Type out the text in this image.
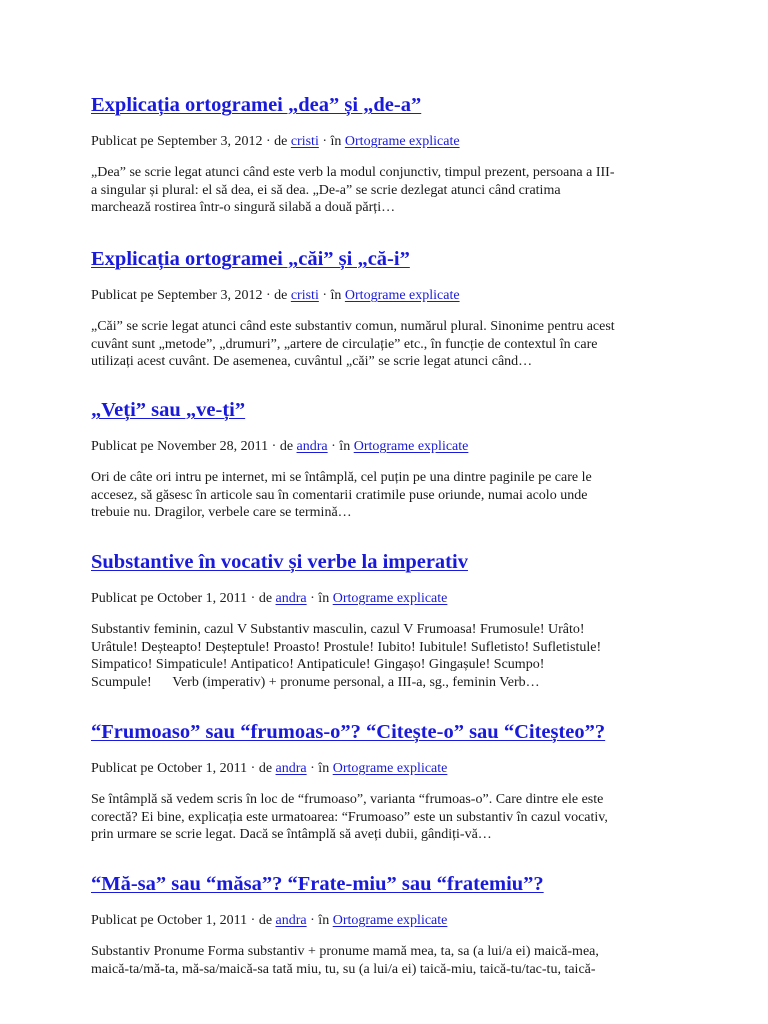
Explicația ortogramei „dea” și „de-a”

Publicat pe September 3, 2012 · de cristi · în Ortograme explicate

„Dea” se scrie legat atunci când este verb la modul conjunctiv, timpul prezent, persoana a III-
a singular și plural: el să dea, ei să dea. „De-a” se scrie dezlegat atunci când cratima
marchează rostirea într-o singură silabă a două părți…

Explicația ortogramei „căi” și „că-i”

Publicat pe September 3, 2012 · de cristi · în Ortograme explicate

„Căi” se scrie legat atunci când este substantiv comun, numărul plural. Sinonime pentru acest
cuvânt sunt „metode”, „drumuri”, „artere de circulație” etc., în funcție de contextul în care
utilizați acest cuvânt. De asemenea, cuvântul „căi” se scrie legat atunci când…

„Veți” sau „ve-ți”

Publicat pe November 28, 2011 · de andra · în Ortograme explicate

Ori de câte ori intru pe internet, mi se întâmplă, cel puțin pe una dintre paginile pe care le
accesez, să găsesc în articole sau în comentarii cratimile puse oriunde, numai acolo unde
trebuie nu. Dragilor, verbele care se termină…

Substantive în vocativ și verbe la imperativ

Publicat pe October 1, 2011 · de andra · în Ortograme explicate

Substantiv feminin, cazul V Substantiv masculin, cazul V Frumoasa! Frumosule! Urâto!
Urâtule! Deșteapto! Deșteptule! Proasto! Prostule! Iubito! Iubitule! Sufletisto! Sufletistule!
Simpatico! Simpaticule! Antipatico! Antipaticule! Gingașo! Gingașule! Scumpo!
Scumpule!      Verb (imperativ) + pronume personal, a III-a, sg., feminin Verb…

“Frumoaso” sau “frumoas-o”? “Citește-o” sau “Citeșteo”?

Publicat pe October 1, 2011 · de andra · în Ortograme explicate

Se întâmplă să vedem scris în loc de “frumoaso”, varianta “frumoas-o”. Care dintre ele este
corectă? Ei bine, explicația este urmatoarea: “Frumoaso” este un substantiv în cazul vocativ,
prin urmare se scrie legat. Dacă se întâmplă să aveți dubii, gândiți-vă…

“Mă-sa” sau “măsa”? “Frate-miu” sau “fratemiu”?

Publicat pe October 1, 2011 · de andra · în Ortograme explicate

Substantiv Pronume Forma substantiv + pronume mamă mea, ta, sa (a lui/a ei) maică-mea,
maică-ta/mă-ta, mă-sa/maică-sa tată miu, tu, su (a lui/a ei) taică-miu, taică-tu/tac-tu, taică-
